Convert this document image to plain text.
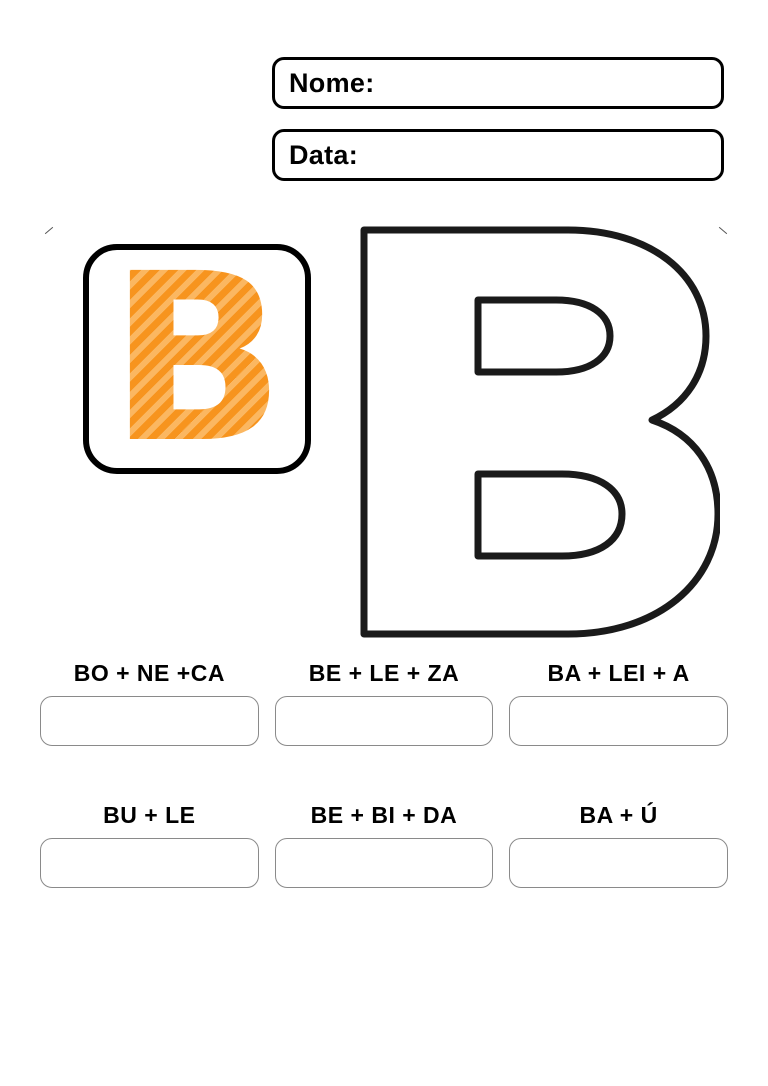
Nome:
Data:
B
BO + NE +CA	BE + LE + ZA	BA + LEI + A
BU + LE	BE + BI + DA	BA + Ú
